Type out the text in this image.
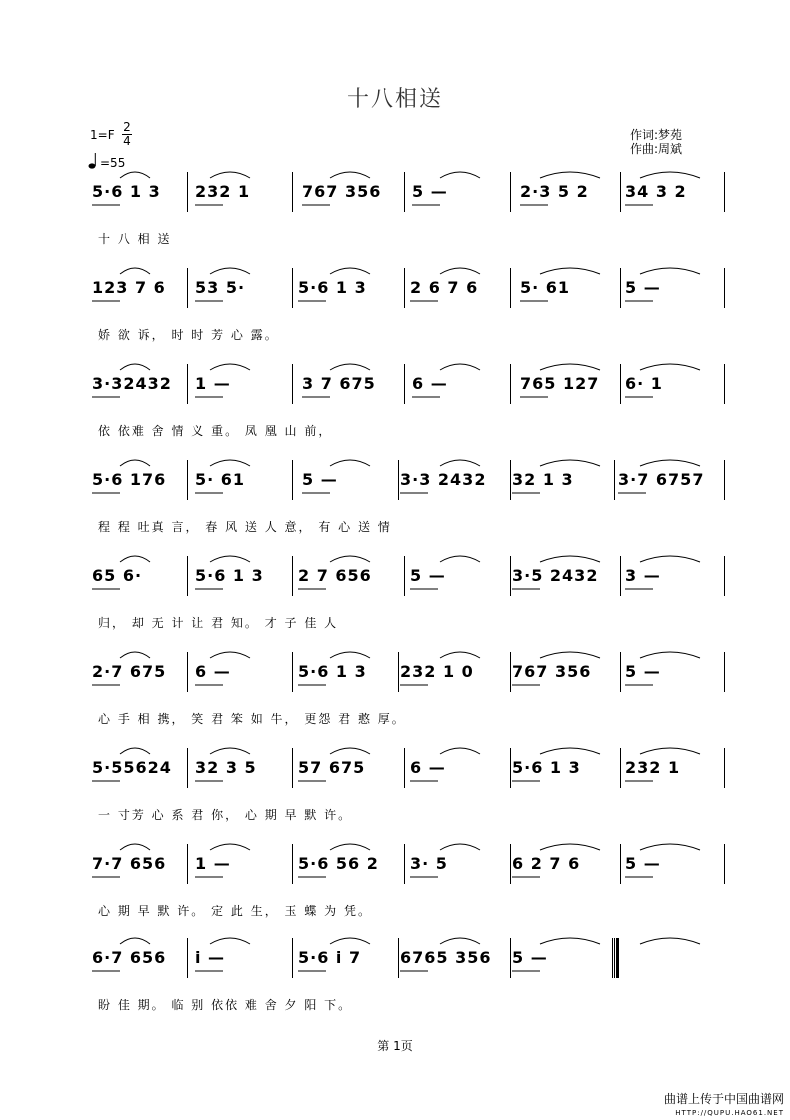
十八相送
1=F
2
4
=55
作词:梦苑
作曲:周斌
5·6 1 3 232 1	767 356 5 —	2·3 5 2 34 3 2
十 八 相 送
123 7 6 53 5·	5·6 1 3	2 6 7 6	5· 61	5 —
娇 欲 诉， 时 时 芳 心 露。
3·32432 1 —	3 7 675 6 —	765 127 6· 1
依 依难 舍 情 义 重。 凤 凰 山 前，
5·6 176 5· 61	5 —	3·3 2432 32 1 3	3·7 6757
程 程 吐真 言， 春 风 送 人 意， 有 心 送 情
65 6·	5·6 1 3 2 7 656 5 —	3·5 2432 3 —
归， 却 无 计 让 君 知。 才 子 佳 人
2·7 675 6 —	5·6 1 3 232 1 0 767 356 5 —
心 手 相 携， 笑 君 笨 如 牛， 更怨 君 憨 厚。
5·55624 32 3 5	57 675	6 —	5·6 1 3	232 1
一 寸芳 心 系 君 你， 心 期 早 默 许。
7·7 656 1 —	5·6 56 2 3· 5	6 2 7 6	5 —
心 期 早 默 许。 定 此 生， 玉 蝶 为 凭。
6·7 656 i —	5·6 i 7 6765 356 5 —
盼 佳 期。 临 别 依依 难 舍 夕 阳 下。
第 1页
曲谱上传于中国曲谱网
HTTP://QUPU.HAO61.NET
